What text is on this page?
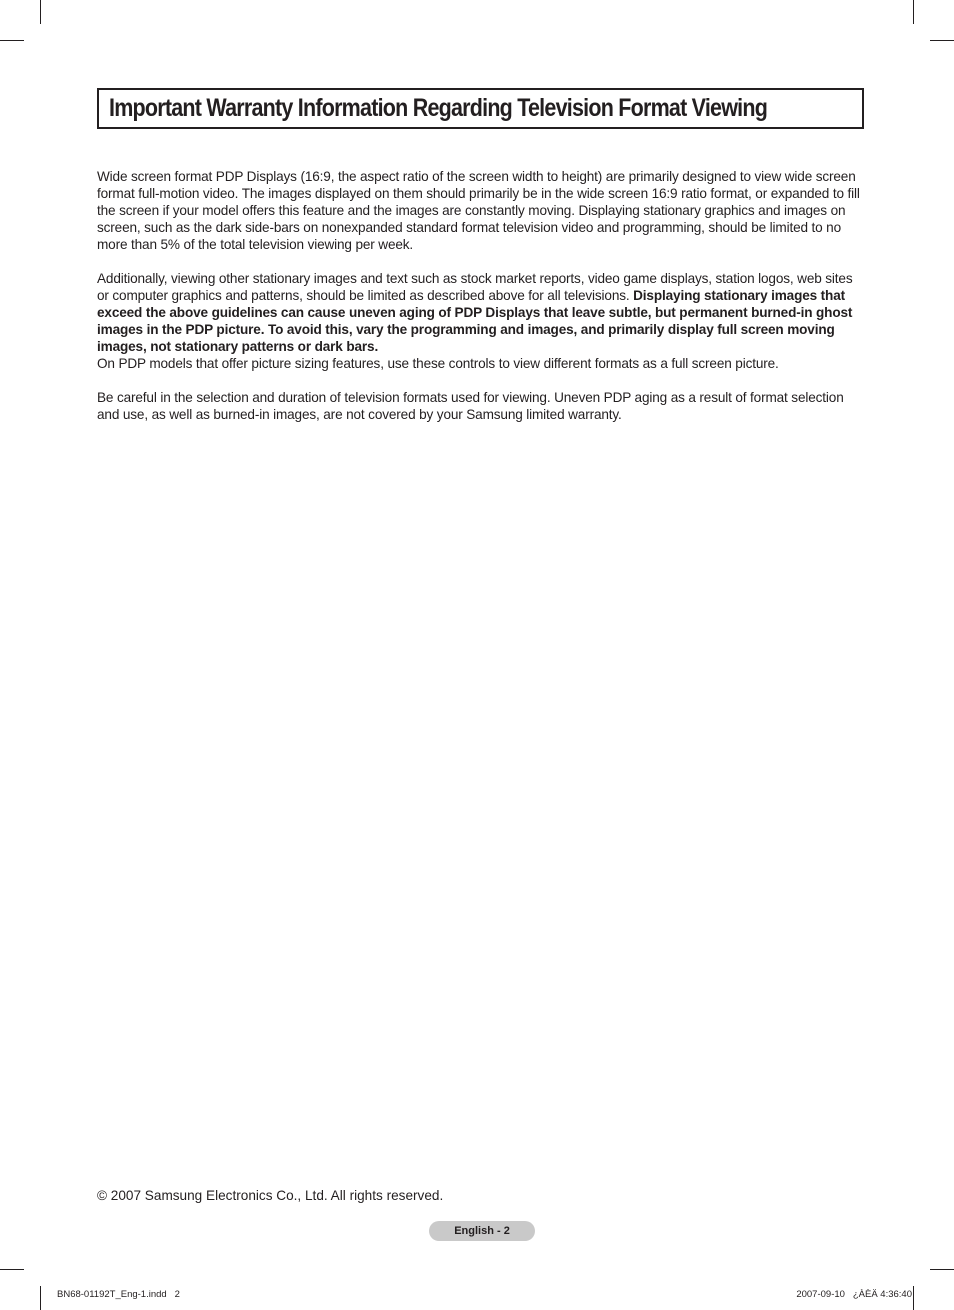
Important Warranty Information Regarding Television Format Viewing

Wide screen format PDP Displays (16:9, the aspect ratio of the screen width to height) are primarily designed to view wide screen format full-motion video. The images displayed on them should primarily be in the wide screen 16:9 ratio format, or expanded to fill the screen if your model offers this feature and the images are constantly moving. Displaying stationary graphics and images on screen, such as the dark side-bars on nonexpanded standard format television video and programming, should be limited to no more than 5% of the total television viewing per week.

Additionally, viewing other stationary images and text such as stock market reports, video game displays, station logos, web sites or computer graphics and patterns, should be limited as described above for all televisions. Displaying stationary images that exceed the above guidelines can cause uneven aging of PDP Displays that leave subtle, but permanent burned-in ghost images in the PDP picture. To avoid this, vary the programming and images, and primarily display full screen moving images, not stationary patterns or dark bars.

On PDP models that offer picture sizing features, use these controls to view different formats as a full screen picture.

Be careful in the selection and duration of television formats used for viewing. Uneven PDP aging as a result of format selection and use, as well as burned-in images, are not covered by your Samsung limited warranty.

© 2007 Samsung Electronics Co., Ltd. All rights reserved.
English - 2
BN68-01192T_Eng-1.indd   2	2007-09-10   ¿ÀÈÄ 4:36:40
